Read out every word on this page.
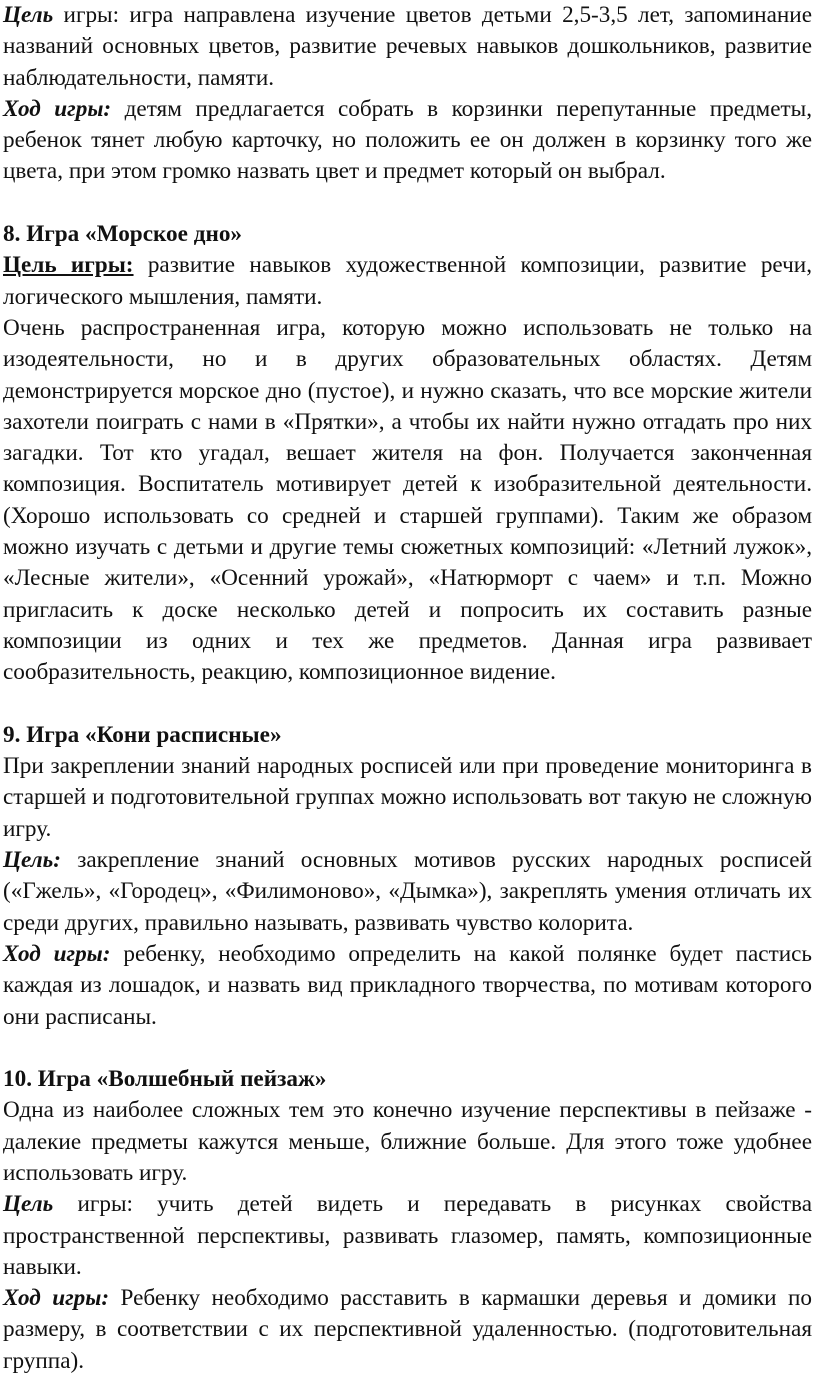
Цель игры: игра направлена изучение цветов детьми 2,5-3,5 лет, запоминание названий основных цветов, развитие речевых навыков дошкольников, развитие наблюдательности, памяти.

Ход игры: детям предлагается собрать в корзинки перепутанные предметы, ребенок тянет любую карточку, но положить ее он должен в корзинку того же цвета, при этом громко назвать цвет и предмет который он выбрал.

8. Игра «Морское дно»

Цель игры: развитие навыков художественной композиции, развитие речи, логического мышления, памяти.

Очень распространенная игра, которую можно использовать не только на изодеятельности, но и в других образовательных областях. Детям демонстрируется морское дно (пустое), и нужно сказать, что все морские жители захотели поиграть с нами в «Прятки», а чтобы их найти нужно отгадать про них загадки. Тот кто угадал, вешает жителя на фон. Получается законченная композиция. Воспитатель мотивирует детей к изобразительной деятельности. (Хорошо использовать со средней и старшей группами). Таким же образом можно изучать с детьми и другие темы сюжетных композиций: «Летний лужок», «Лесные жители», «Осенний урожай», «Натюрморт с чаем» и т.п. Можно пригласить к доске несколько детей и попросить их составить разные композиции из одних и тех же предметов. Данная игра развивает сообразительность, реакцию, композиционное видение.

9. Игра «Кони расписные»

При закреплении знаний народных росписей или при проведение мониторинга в старшей и подготовительной группах можно использовать вот такую не сложную игру.

Цель: закрепление знаний основных мотивов русских народных росписей («Гжель», «Городец», «Филимоново», «Дымка»), закреплять умения отличать их среди других, правильно называть, развивать чувство колорита.

Ход игры: ребенку, необходимо определить на какой полянке будет пастись каждая из лошадок, и назвать вид прикладного творчества, по мотивам которого они расписаны.

10. Игра «Волшебный пейзаж»

Одна из наиболее сложных тем это конечно изучение перспективы в пейзаже - далекие предметы кажутся меньше, ближние больше. Для этого тоже удобнее использовать игру.

Цель игры: учить детей видеть и передавать в рисунках свойства пространственной перспективы, развивать глазомер, память, композиционные навыки.

Ход игры: Ребенку необходимо расставить в кармашки деревья и домики по размеру, в соответствии с их перспективной удаленностью. (подготовительная группа).
